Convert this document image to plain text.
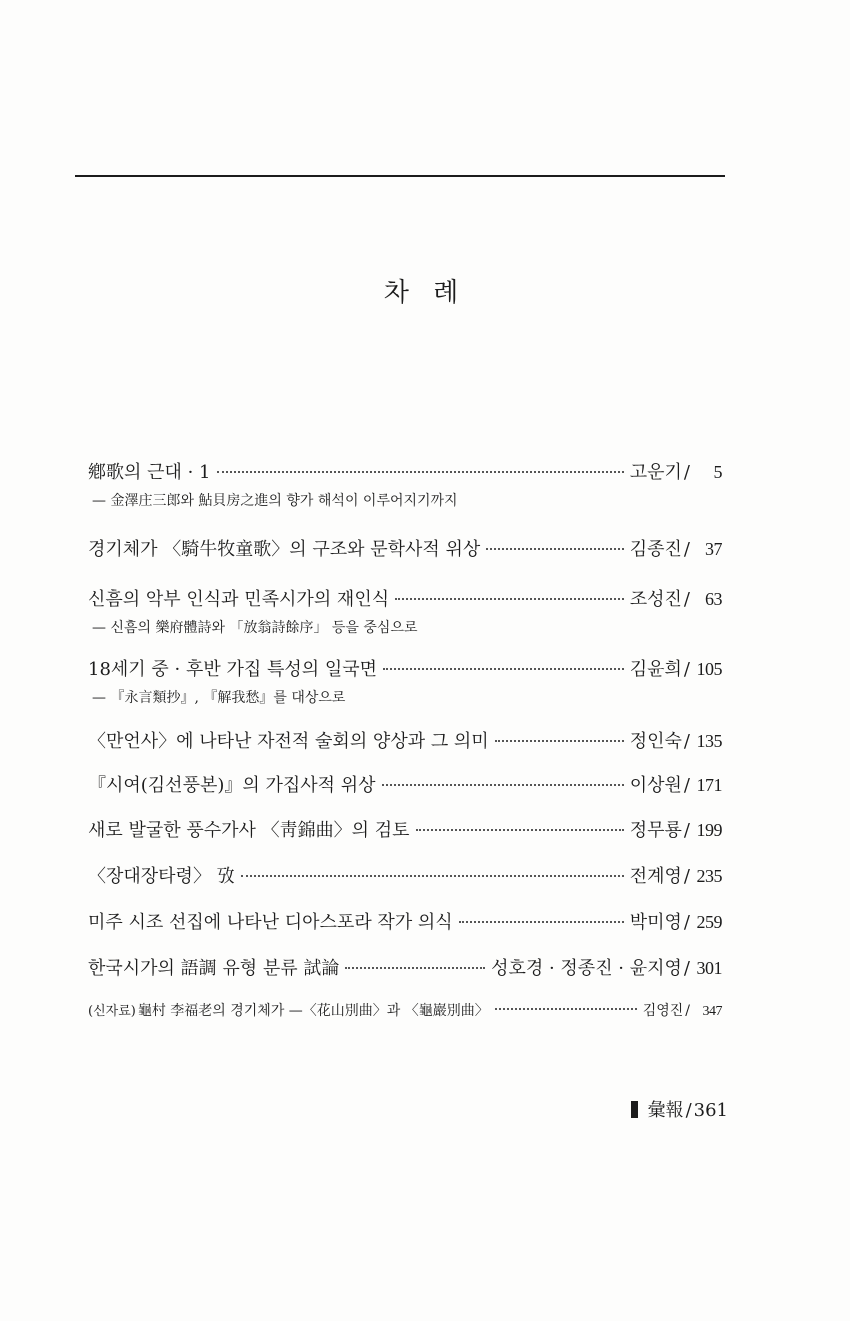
차 례
鄕歌의 근대 · 1	고운기 /	5
— 金澤庄三郎와 鮎貝房之進의 향가 해석이 이루어지기까지
경기체가 〈騎牛牧童歌〉의 구조와 문학사적 위상	김종진 / 37
신흠의 악부 인식과 민족시가의 재인식	조성진 / 63
— 신흠의 樂府體詩와 「放翁詩餘序」 등을 중심으로
18세기 중 · 후반 가집 특성의 일국면	김윤희 / 105
— 『永言類抄』, 『解我愁』를 대상으로
〈만언사〉에 나타난 자전적 술회의 양상과 그 의미	정인숙 / 135
『시여(김선풍본)』의 가집사적 위상	이상원 / 171
새로 발굴한 풍수가사 〈靑錦曲〉의 검토	정무룡 / 199
〈장대장타령〉 攷	전계영 / 235
미주 시조 선집에 나타난 디아스포라 작가 의식	박미영 / 259
한국시가의 語調 유형 분류 試論	성호경 · 정종진 · 윤지영 / 301
(신자료) 龜村 李福老의 경기체가 —〈花山別曲〉과 〈龜巖別曲〉	김영진 / 347
彙報 / 361
